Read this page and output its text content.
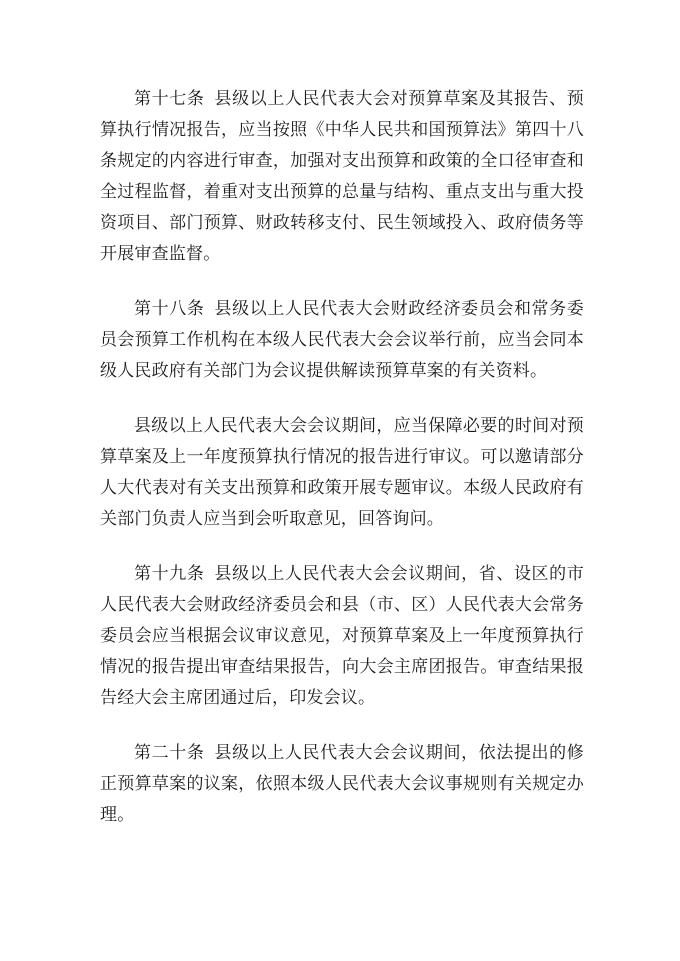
第十七条 县级以上人民代表大会对预算草案及其报告、预算执行情况报告，应当按照《中华人民共和国预算法》第四十八条规定的内容进行审查，加强对支出预算和政策的全口径审查和全过程监督，着重对支出预算的总量与结构、重点支出与重大投资项目、部门预算、财政转移支付、民生领域投入、政府债务等开展审查监督。

第十八条 县级以上人民代表大会财政经济委员会和常务委员会预算工作机构在本级人民代表大会会议举行前，应当会同本级人民政府有关部门为会议提供解读预算草案的有关资料。

县级以上人民代表大会会议期间，应当保障必要的时间对预算草案及上一年度预算执行情况的报告进行审议。可以邀请部分人大代表对有关支出预算和政策开展专题审议。本级人民政府有关部门负责人应当到会听取意见，回答询问。

第十九条 县级以上人民代表大会会议期间，省、设区的市人民代表大会财政经济委员会和县（市、区）人民代表大会常务委员会应当根据会议审议意见，对预算草案及上一年度预算执行情况的报告提出审查结果报告，向大会主席团报告。审查结果报告经大会主席团通过后，印发会议。

第二十条 县级以上人民代表大会会议期间，依法提出的修正预算草案的议案，依照本级人民代表大会议事规则有关规定办理。
